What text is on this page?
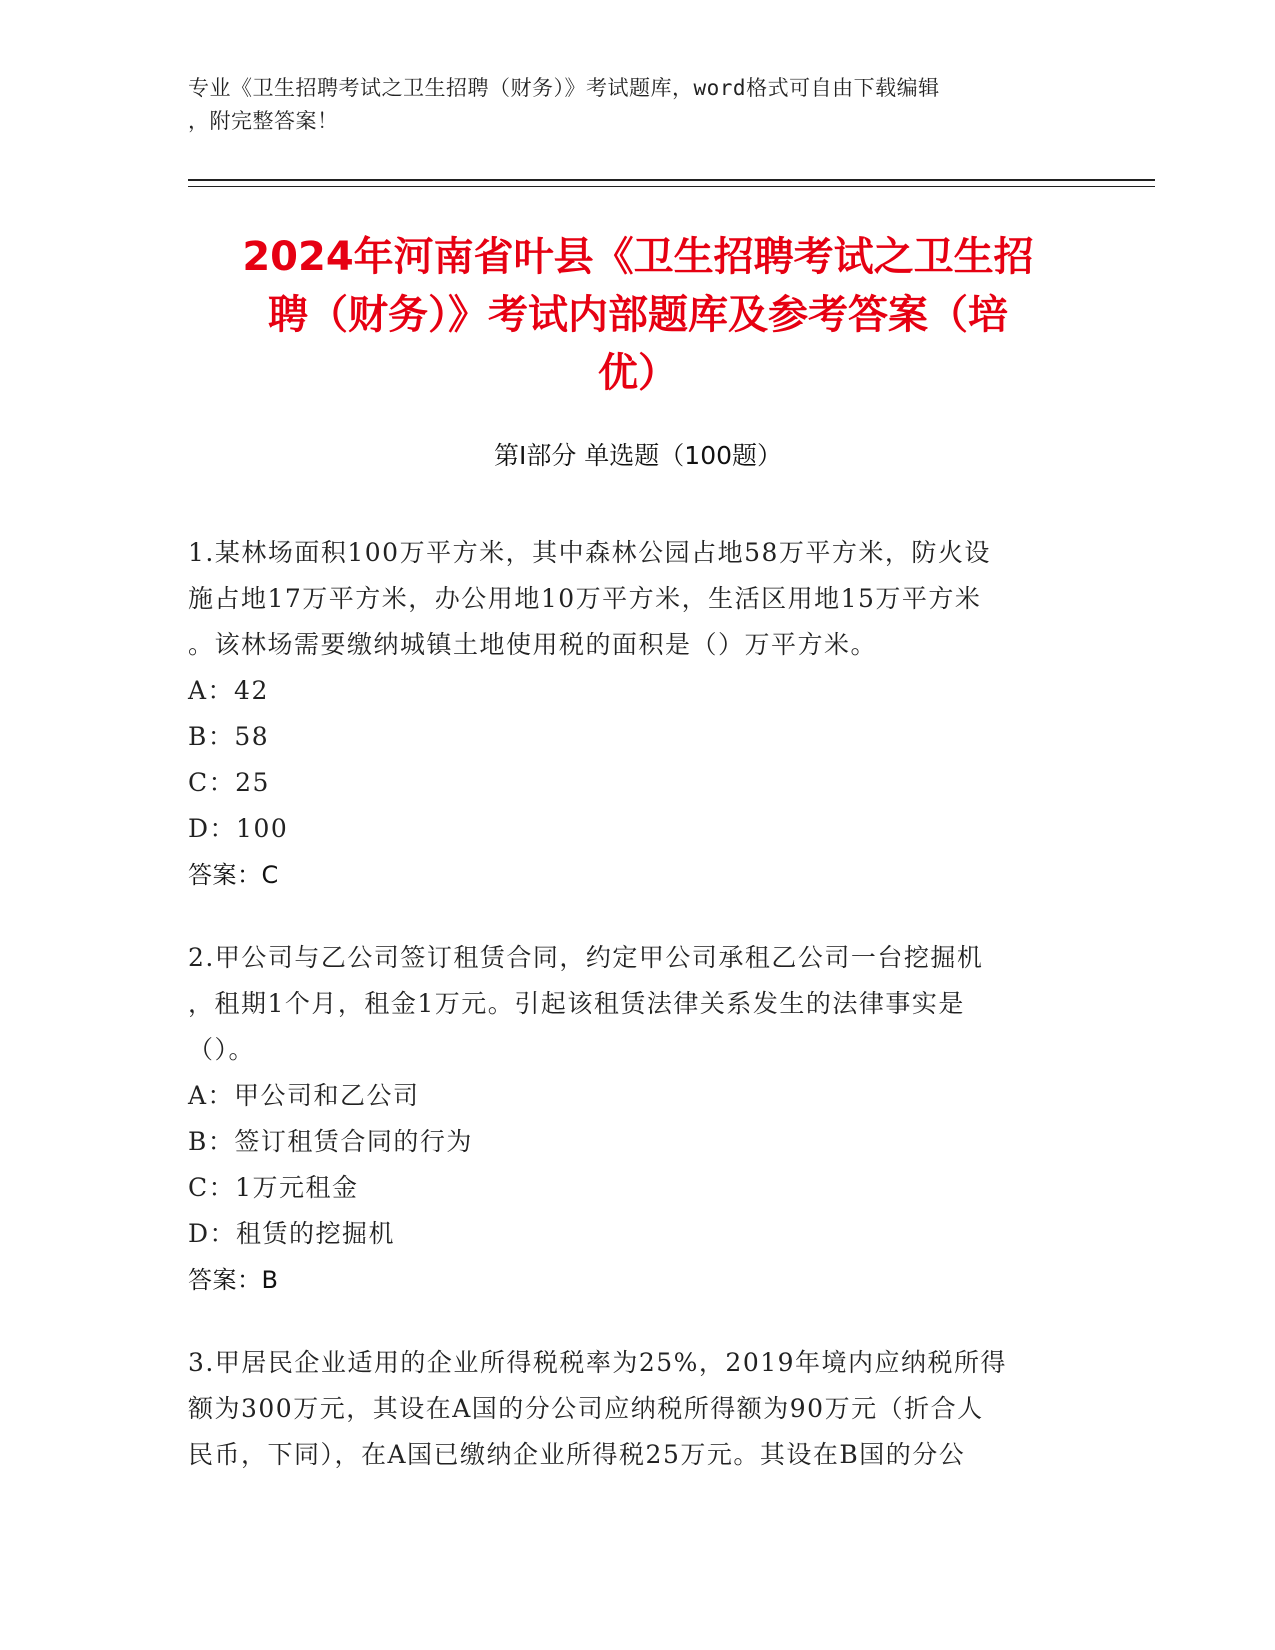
专业《卫生招聘考试之卫生招聘（财务）》考试题库，word格式可自由下载编辑
，附完整答案！
2024年河南省叶县《卫生招聘考试之卫生招
聘（财务）》考试内部题库及参考答案（培
优）
第Ⅰ部分 单选题（100题）

1.某林场面积100万平方米，其中森林公园占地58万平方米，防火设

施占地17万平方米，办公用地10万平方米，生活区用地15万平方米

。该林场需要缴纳城镇土地使用税的面积是（）万平方米。

A：42

B：58

C：25

D：100

答案：C

2.甲公司与乙公司签订租赁合同，约定甲公司承租乙公司一台挖掘机

，租期1个月，租金1万元。引起该租赁法律关系发生的法律事实是

（）。

A：甲公司和乙公司

B：签订租赁合同的行为

C：1万元租金

D：租赁的挖掘机

答案：B

3.甲居民企业适用的企业所得税税率为25%，2019年境内应纳税所得

额为300万元，其设在A国的分公司应纳税所得额为90万元（折合人

民币，下同），在A国已缴纳企业所得税25万元。其设在B国的分公
